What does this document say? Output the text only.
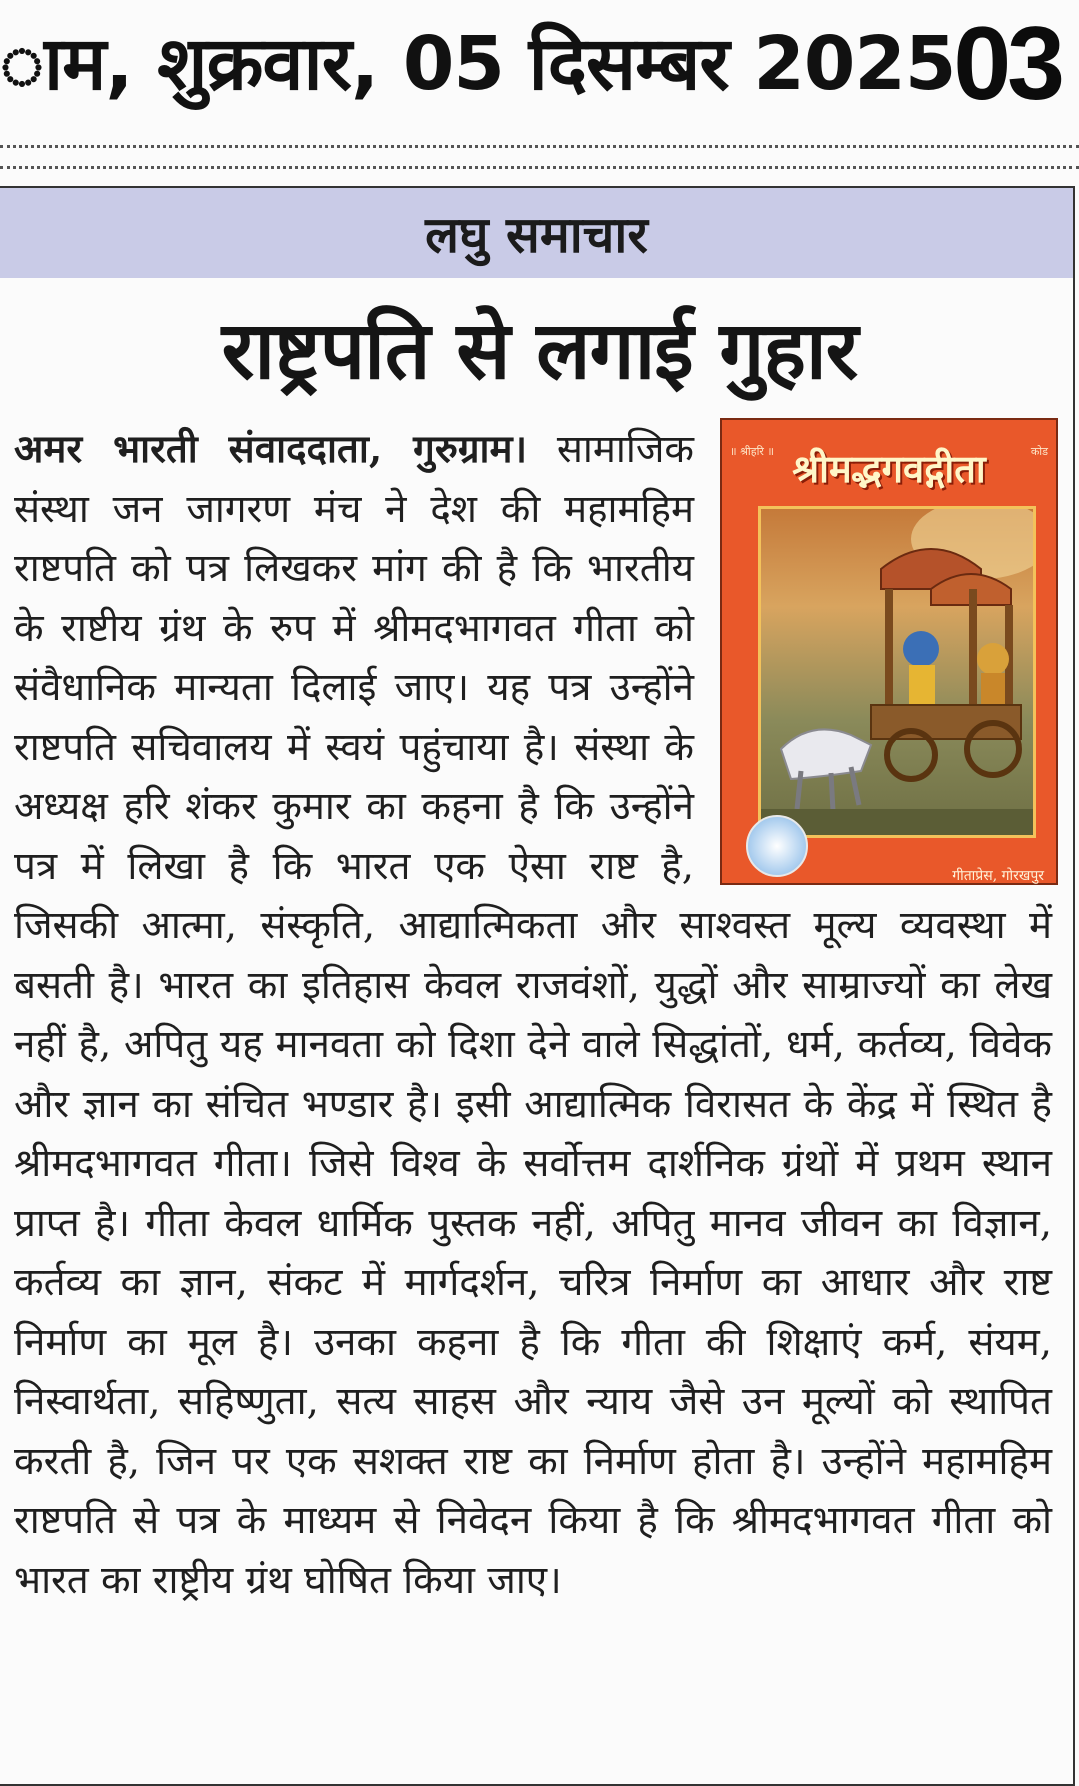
ाम, शुक्रवार, 05 दिसम्बर 2025
03
लघु समाचार
राष्ट्रपति से लगाई गुहार
॥ श्रीहरि ॥	कोड
श्रीमद्भगवद्गीता
गीताप्रेस, गोरखपुर
अमर भारती संवाददाता, गुरुग्राम। सामाजिक संस्था जन जागरण मंच ने देश की महामहिम राष्टपति को पत्र लिखकर मांग की है कि भारतीय के राष्टीय ग्रंथ के रुप में श्रीमदभागवत गीता को संवैधानिक मान्यता दिलाई जाए। यह पत्र उन्होंने राष्टपति सचिवालय में स्वयं पहुंचाया है। संस्था के अध्यक्ष हरि शंकर कुमार का कहना है कि उन्होंने पत्र में लिखा है कि भारत एक ऐसा राष्ट है, जिसकी आत्मा, संस्कृति, आद्यात्मिकता और साश्वस्त मूल्य व्यवस्था में बसती है। भारत का इतिहास केवल राजवंशों, युद्धों और साम्राज्यों का लेख नहीं है, अपितु यह मानवता को दिशा देने वाले सिद्धांतों, धर्म, कर्तव्य, विवेक और ज्ञान का संचित भण्डार है। इसी आद्यात्मिक विरासत के केंद्र में स्थित है श्रीमदभागवत गीता। जिसे विश्व के सर्वोत्तम दार्शनिक ग्रंथों में प्रथम स्थान प्राप्त है। गीता केवल धार्मिक पुस्तक नहीं, अपितु मानव जीवन का विज्ञान, कर्तव्य का ज्ञान, संकट में मार्गदर्शन, चरित्र निर्माण का आधार और राष्ट निर्माण का मूल है। उनका कहना है कि गीता की शिक्षाएं कर्म, संयम, निस्वार्थता, सहिष्णुता, सत्य साहस और न्याय जैसे उन मूल्यों को स्थापित करती है, जिन पर एक सशक्त राष्ट का निर्माण होता है। उन्होंने महामहिम राष्टपति से पत्र के माध्यम से निवेदन किया है कि श्रीमदभागवत गीता को भारत का राष्ट्रीय ग्रंथ घोषित किया जाए।
